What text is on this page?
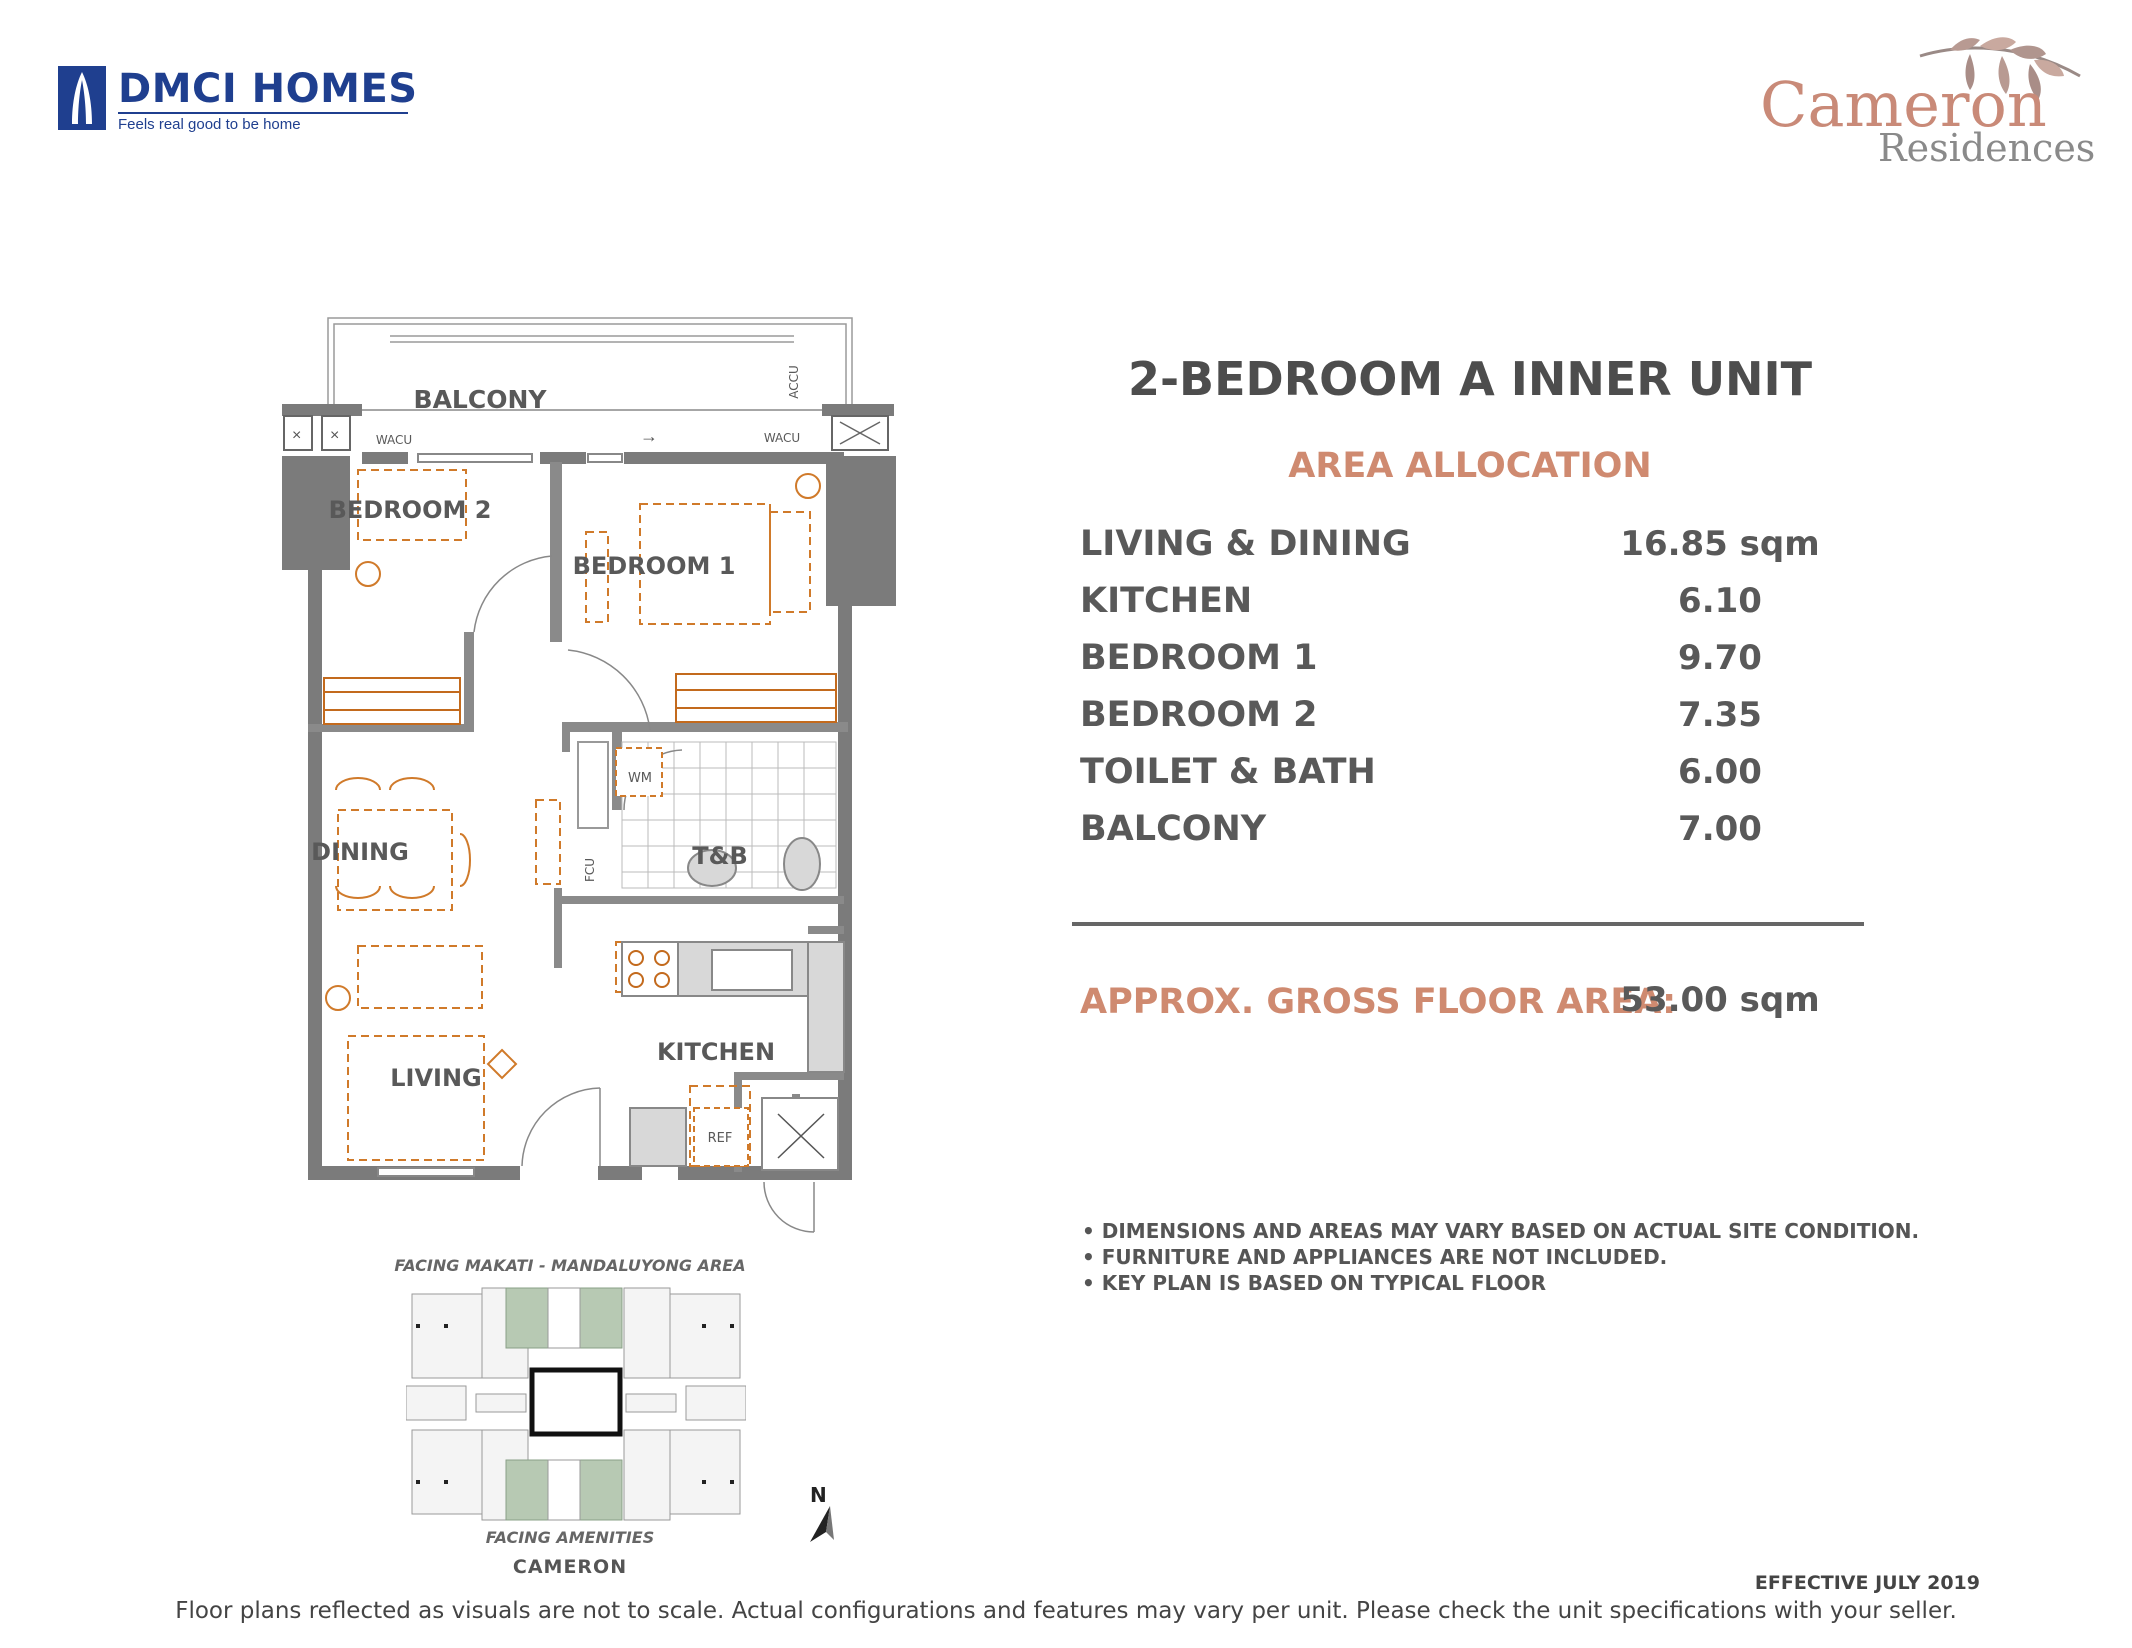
DMCI HOMES
Feels real good to be home	Cameron
Residences
× ×	→
BALCONY
BEDROOM 2
BEDROOM 1
DINING	T&B
LIVING
KITCHEN
WACU	WACU
ACCU
WM
FCU
REF
2-BEDROOM A INNER UNIT
AREA ALLOCATION
LIVING & DINING	16.85 sqm
KITCHEN	6.10
BEDROOM 1	9.70
BEDROOM 2	7.35
TOILET & BATH	6.00
BALCONY	7.00
APPROX. GROSS FLOOR AREA:
53.00 sqm
• DIMENSIONS AND AREAS MAY VARY BASED ON ACTUAL SITE CONDITION.
• FURNITURE AND APPLIANCES ARE NOT INCLUDED.
• KEY PLAN IS BASED ON TYPICAL FLOOR
FACING MAKATI - MANDALUYONG AREA
FACING AMENITIES
CAMERON
N
EFFECTIVE JULY 2019
Floor plans reflected as visuals are not to scale. Actual configurations and features may vary per unit. Please check the unit specifications with your seller.
